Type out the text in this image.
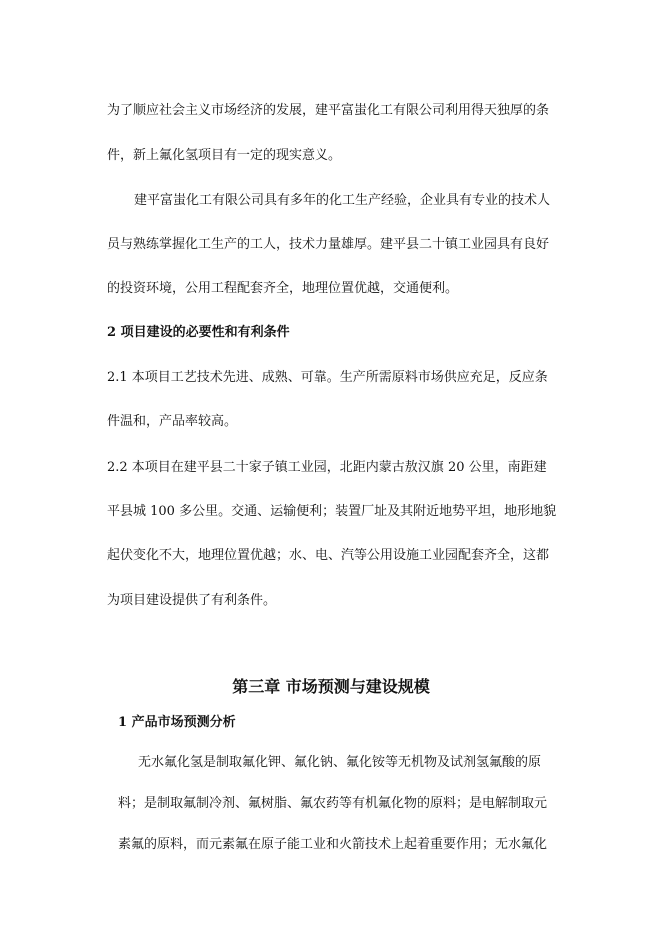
为了顺应社会主义市场经济的发展，建平富蚩化工有限公司利用得天独厚的条
件，新上氟化氢项目有一定的现实意义。
建平富蚩化工有限公司具有多年的化工生产经验，企业具有专业的技术人
员与熟练掌握化工生产的工人，技术力量雄厚。建平县二十镇工业园具有良好
的投资环境，公用工程配套齐全，地理位置优越，交通便利。
2 项目建设的必要性和有利条件
2.1 本项目工艺技术先进、成熟、可靠。生产所需原料市场供应充足，反应条
件温和，产品率较高。
2.2 本项目在建平县二十家子镇工业园，北距内蒙古敖汉旗 20 公里，南距建
平县城 100 多公里。交通、运输便利；装置厂址及其附近地势平坦，地形地貌
起伏变化不大，地理位置优越；水、电、汽等公用设施工业园配套齐全，这都
为项目建设提供了有利条件。
第三章 市场预测与建设规模
1 产品市场预测分析
无水氟化氢是制取氟化钾、氟化钠、氟化铵等无机物及试剂氢氟酸的原
料；是制取氟制冷剂、氟树脂、氟农药等有机氟化物的原料；是电解制取元
素氟的原料，而元素氟在原子能工业和火箭技术上起着重要作用；无水氟化
